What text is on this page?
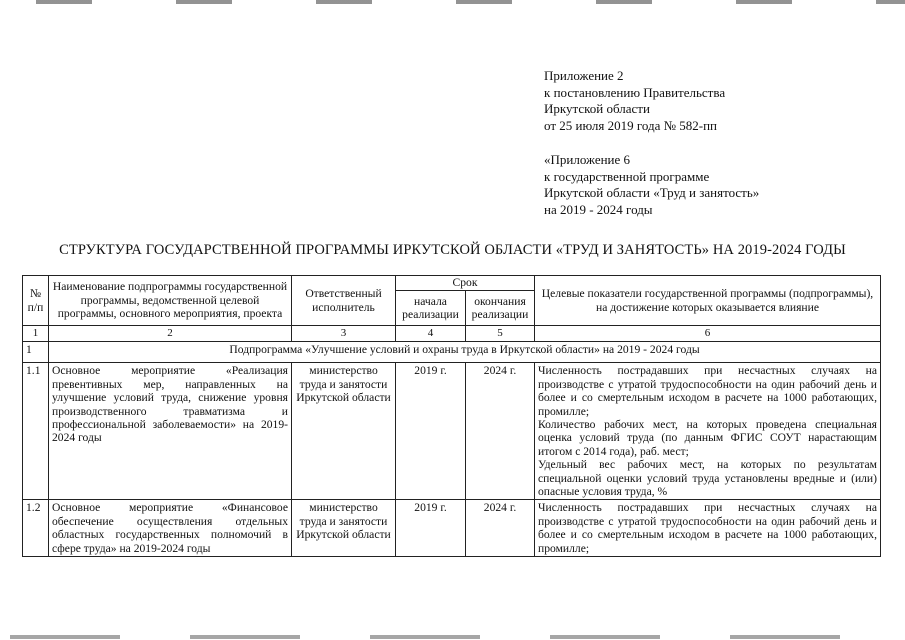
Приложение 2
к постановлению Правительства
Иркутской области
от 25 июля 2019 года № 582-пп
«Приложение 6
к государственной программе
Иркутской области «Труд и занятость»
на 2019 - 2024 годы
СТРУКТУРА ГОСУДАРСТВЕННОЙ ПРОГРАММЫ ИРКУТСКОЙ ОБЛАСТИ «ТРУД И ЗАНЯТОСТЬ» НА 2019-2024 ГОДЫ
№ п/п	Наименование подпрограммы государственной программы, ведомственной целевой программы, основного мероприятия, проекта	Ответственный исполнитель	Срок		Целевые показатели государственной программы (подпрограммы), на достижение которых оказывается влияние
			начала реализации	окончания реализации	
1	2	3	4	5	6
1	Подпрограмма «Улучшение условий и охраны труда в Иркутской области» на 2019 - 2024 годы				
1.1	Основное мероприятие «Реализация превентивных мер, направленных на улучшение условий труда, снижение уровня производственного травматизма и профессиональной заболеваемости» на 2019-2024 годы	министерство труда и занятости Иркутской области	2019 г.	2024 г.	Численность пострадавших при несчастных случаях на производстве с утратой трудоспособности на один рабочий день и более и со смертельным исходом в расчете на 1000 работающих, промилле;

Количество рабочих мест, на которых проведена специальная оценка условий труда (по данным ФГИС СОУТ нарастающим итогом с 2014 года), раб. мест;

Удельный вес рабочих мест, на которых по результатам специальной оценки условий труда установлены вредные и (или) опасные условия труда, %

1.2	Основное мероприятие «Финансовое обеспечение осуществления отдельных областных государственных полномочий в сфере труда» на 2019-2024 годы	министерство труда и занятости Иркутской области	2019 г.	2024 г.	Численность пострадавших при несчастных случаях на производстве с утратой трудоспособности на один рабочий день и более и со смертельным исходом в расчете на 1000 работающих, промилле;
